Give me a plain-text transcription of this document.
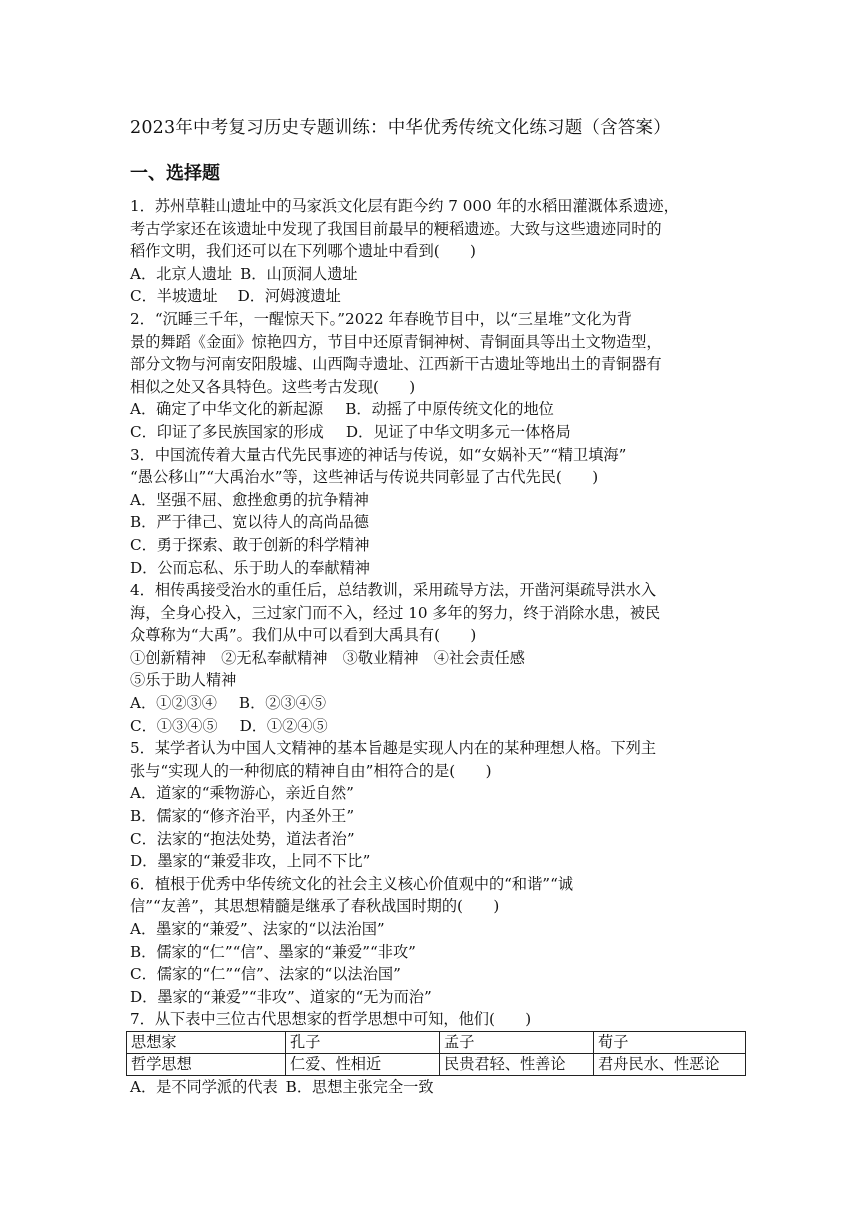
2023年中考复习历史专题训练：中华优秀传统文化练习题（含答案）
一、选择题
1．苏州草鞋山遗址中的马家浜文化层有距今约 7 000 年的水稻田灌溉体系遗迹，
考古学家还在该遗址中发现了我国目前最早的粳稻遗迹。大致与这些遗迹同时的
稻作文明，我们还可以在下列哪个遗址中看到(　　)
A．北京人遗址 B．山顶洞人遗址
C．半坡遗址 D．河姆渡遗址
2．“沉睡三千年，一醒惊天下。”2022 年春晚节目中，以“三星堆”文化为背
景的舞蹈《金面》惊艳四方，节目中还原青铜神树、青铜面具等出土文物造型，
部分文物与河南安阳殷墟、山西陶寺遗址、江西新干古遗址等地出土的青铜器有
相似之处又各具特色。这些考古发现(　　)
A．确定了中华文化的新起源 B．动摇了中原传统文化的地位
C．印证了多民族国家的形成 D．见证了中华文明多元一体格局
3．中国流传着大量古代先民事迹的神话与传说，如“女娲补天”“精卫填海”
“愚公移山”“大禹治水”等，这些神话与传说共同彰显了古代先民(　　)
A．坚强不屈、愈挫愈勇的抗争精神
B．严于律己、宽以待人的高尚品德
C．勇于探索、敢于创新的科学精神
D．公而忘私、乐于助人的奉献精神
4．相传禹接受治水的重任后，总结教训，采用疏导方法，开凿河渠疏导洪水入
海，全身心投入，三过家门而不入，经过 10 多年的努力，终于消除水患，被民
众尊称为“大禹”。我们从中可以看到大禹具有(　　)
①创新精神　②无私奉献精神　③敬业精神　④社会责任感
⑤乐于助人精神
A．①②③④ B．②③④⑤
C．①③④⑤ D．①②④⑤
5．某学者认为中国人文精神的基本旨趣是实现人内在的某种理想人格。下列主
张与“实现人的一种彻底的精神自由”相符合的是(　　)
A．道家的“乘物游心，亲近自然”
B．儒家的“修齐治平，内圣外王”
C．法家的“抱法处势，道法者治”
D．墨家的“兼爱非攻，上同不下比”
6．植根于优秀中华传统文化的社会主义核心价值观中的“和谐”“诚
信”“友善”，其思想精髓是继承了春秋战国时期的(　　)
A．墨家的“兼爱”、法家的“以法治国”
B．儒家的“仁”“信”、墨家的“兼爱”“非攻”
C．儒家的“仁”“信”、法家的“以法治国”
D．墨家的“兼爱”“非攻”、道家的“无为而治”
7．从下表中三位古代思想家的哲学思想中可知，他们(　　)
思想家	孔子	孟子	荀子
哲学思想	仁爱、性相近	民贵君轻、性善论	君舟民水、性恶论
A．是不同学派的代表 B．思想主张完全一致
